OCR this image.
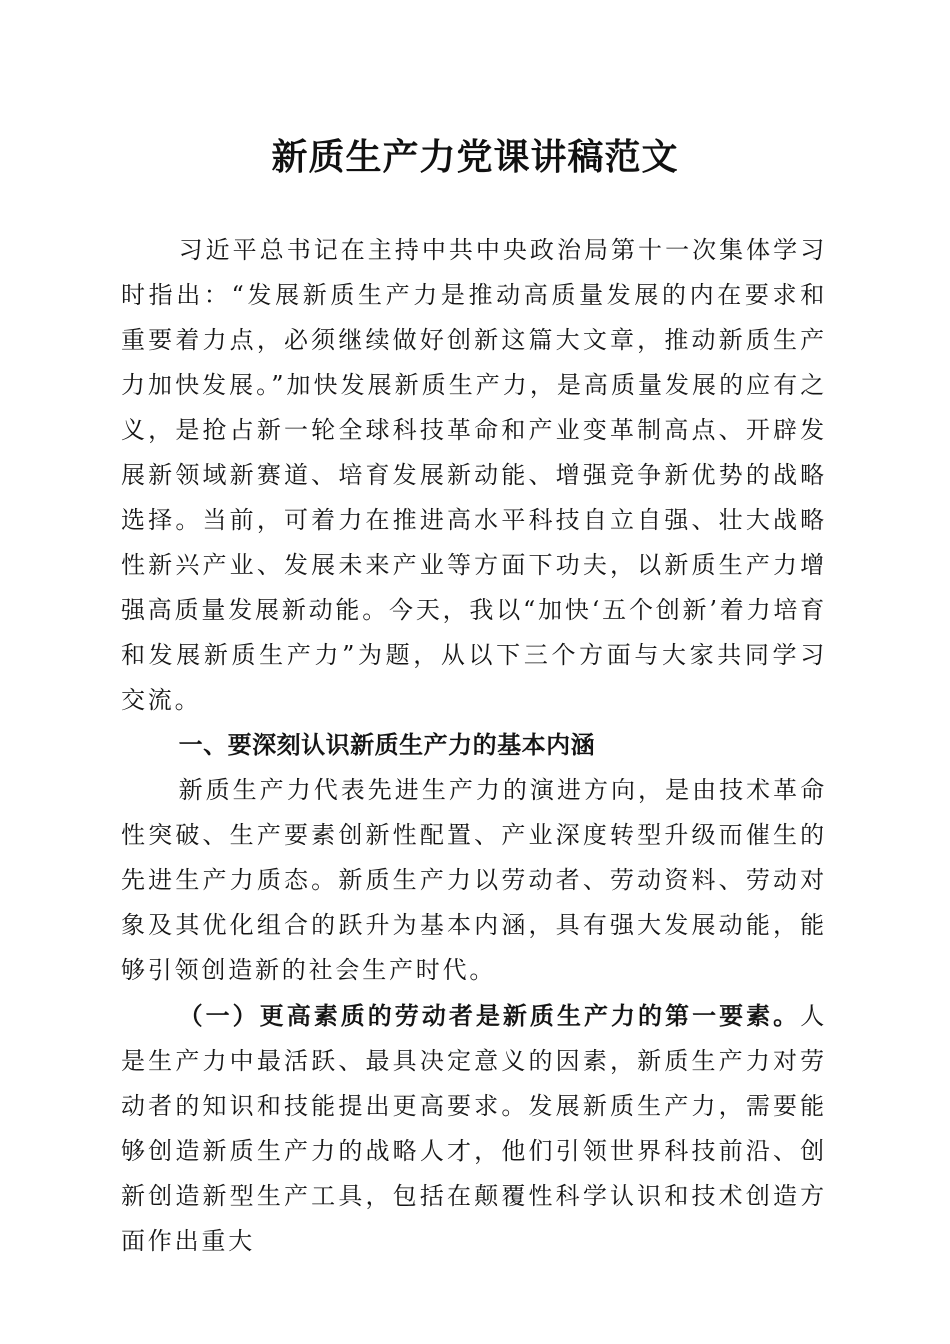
新质生产力党课讲稿范文

习近平总书记在主持中共中央政治局第十一次集体学习时指出：“发展新质生产力是推动高质量发展的内在要求和重要着力点，必须继续做好创新这篇大文章，推动新质生产力加快发展。”加快发展新质生产力，是高质量发展的应有之义，是抢占新一轮全球科技革命和产业变革制高点、开辟发展新领域新赛道、培育发展新动能、增强竞争新优势的战略选择。当前，可着力在推进高水平科技自立自强、壮大战略性新兴产业、发展未来产业等方面下功夫，以新质生产力增强高质量发展新动能。今天，我以“加快‘五个创新’着力培育和发展新质生产力”为题，从以下三个方面与大家共同学习交流。

一、要深刻认识新质生产力的基本内涵

新质生产力代表先进生产力的演进方向，是由技术革命性突破、生产要素创新性配置、产业深度转型升级而催生的先进生产力质态。新质生产力以劳动者、劳动资料、劳动对象及其优化组合的跃升为基本内涵，具有强大发展动能，能够引领创造新的社会生产时代。

（一）更高素质的劳动者是新质生产力的第一要素。人是生产力中最活跃、最具决定意义的因素，新质生产力对劳动者的知识和技能提出更高要求。发展新质生产力，需要能够创造新质生产力的战略人才，他们引领世界科技前沿、创新创造新型生产工具，包括在颠覆性科学认识和技术创造方面作出重大
